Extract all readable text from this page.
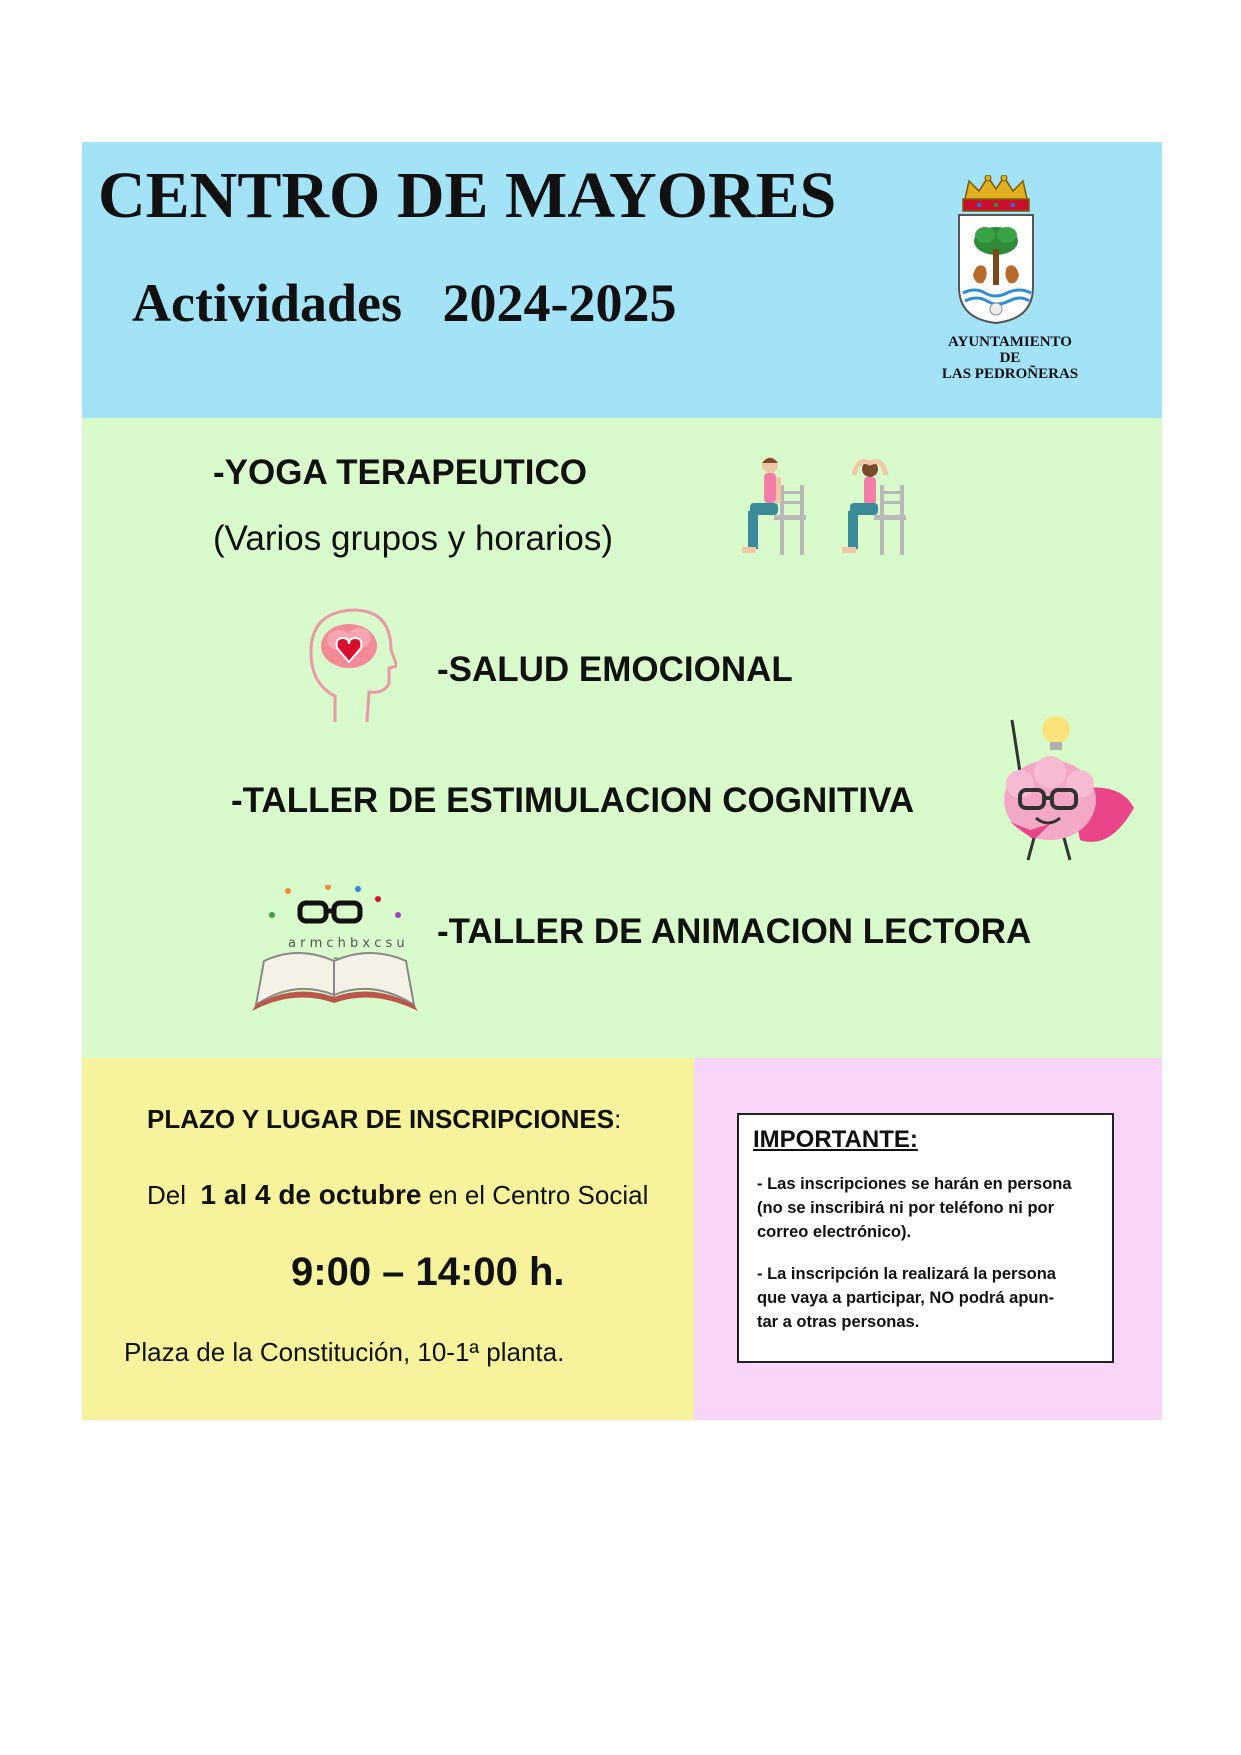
CENTRO DE MAYORES
Actividades   2024-2025
AYUNTAMIENTO
DE
LAS PEDROÑERAS
-YOGA TERAPEUTICO
(Varios grupos y horarios)
-SALUD EMOCIONAL
-TALLER DE ESTIMULACION COGNITIVA
a r m c h b x c s u -TALLER DE ANIMACION LECTORA
PLAZO Y LUGAR DE INSCRIPCIONES:
Del  1 al 4 de octubre en el Centro Social
9:00 – 14:00 h.
Plaza de la Constitución, 10-1ª planta.
IMPORTANTE:
- Las inscripciones se harán en persona
(no se inscribirá ni por teléfono ni por
correo electrónico).
- La inscripción la realizará la persona
que vaya a participar, NO podrá apun-
tar a otras personas.
